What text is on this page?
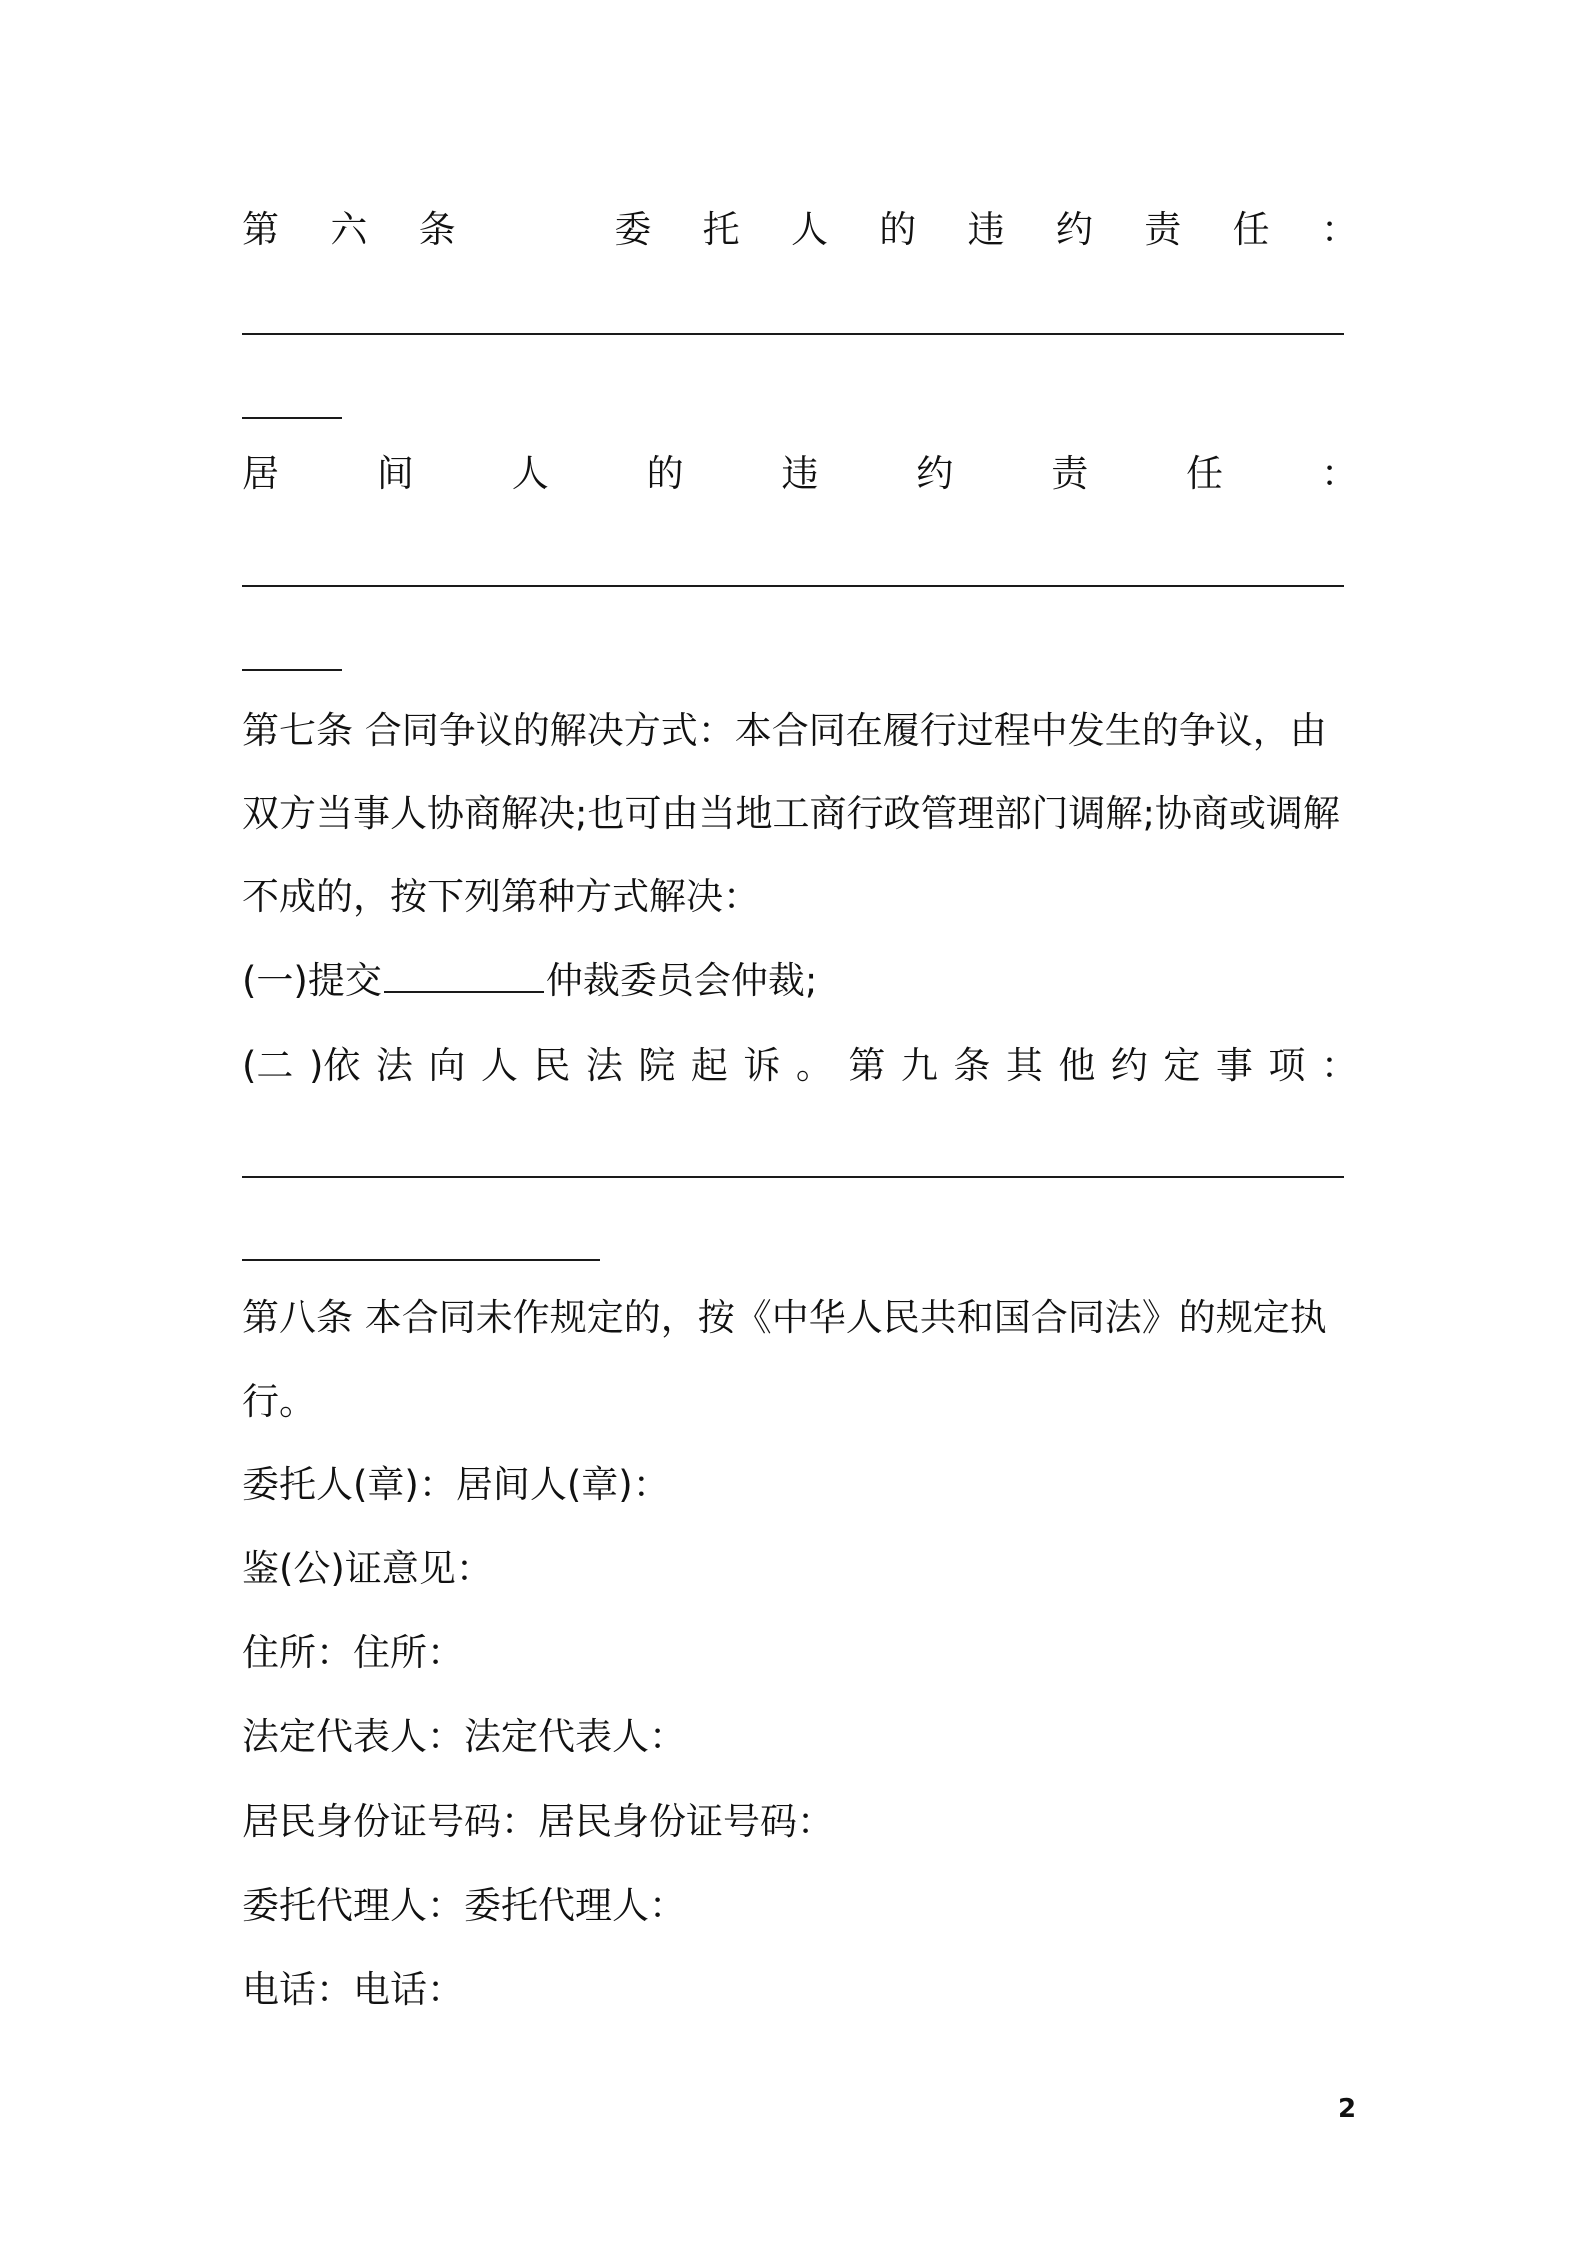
第 六 条	委 托 人 的 违 约 责 任 ：
居	间	人	的	违	约	责	任	：
第七条 合同争议的解决方式：本合同在履行过程中发生的争议，由
双方当事人协商解决;也可由当地工商行政管理部门调解;协商或调解
不成的，按下列第种方式解决：
(一)提交	仲裁委员会仲裁;
(二 )依 法 向 人 民 法 院 起 诉 。 第 九 条 其 他 约 定 事 项 ：
第八条 本合同未作规定的，按《中华人民共和国合同法》的规定执
行。
委托人(章)：居间人(章)：
鉴(公)证意见：
住所：住所：
法定代表人：法定代表人：
居民身份证号码：居民身份证号码：
委托代理人：委托代理人：
电话：电话：
2
